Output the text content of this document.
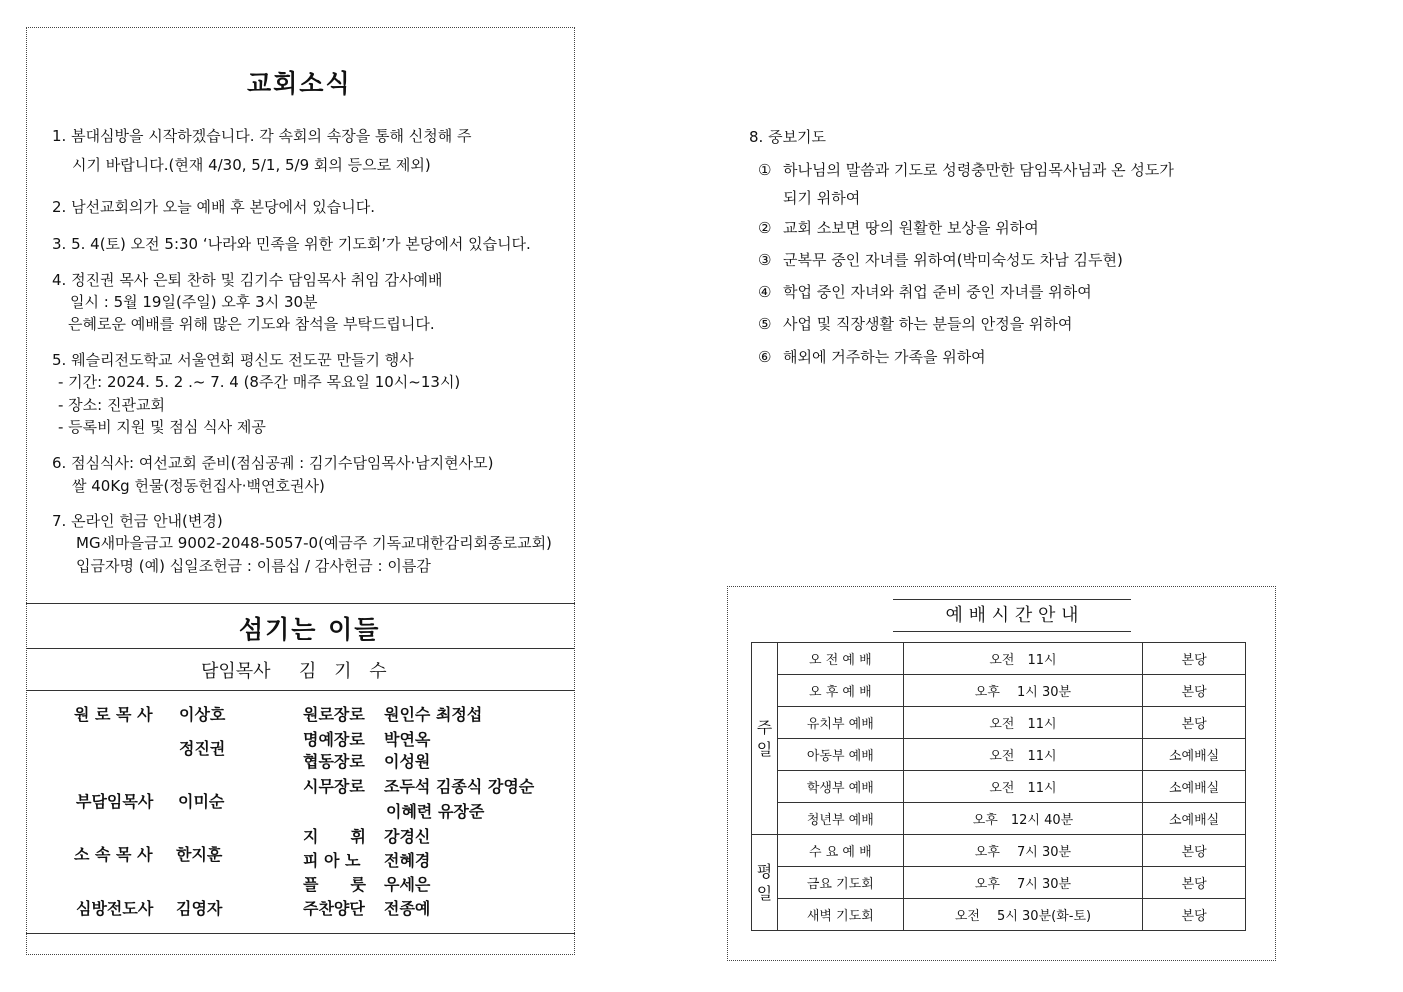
교회소식
1. 봄대심방을 시작하겠습니다. 각 속회의 속장을 통해 신청해 주
시기 바랍니다.(현재 4/30, 5/1, 5/9 회의 등으로 제외)
2. 남선교회의가 오늘 예배 후 본당에서 있습니다.
3. 5. 4(토) 오전 5:30 ‘나라와 민족을 위한 기도회’가 본당에서 있습니다.
4. 정진권 목사 은퇴 찬하 및 김기수 담임목사 취임 감사예배
일시 : 5월 19일(주일) 오후 3시 30분
은혜로운 예배를 위해 많은 기도와 참석을 부탁드립니다.
5. 웨슬리전도학교 서울연회 평신도 전도꾼 만들기 행사
- 기간: 2024. 5. 2 .~ 7. 4 (8주간 매주 목요일 10시~13시)
- 장소: 진관교회
- 등록비 지원 및 점심 식사 제공
6. 점심식사: 여선교회 준비(점심공궤 : 김기수담임목사·남지현사모)
쌀 40Kg 헌물(정동헌집사·백연호권사)
7. 온라인 헌금 안내(변경)
MG새마을금고 9002-2048-5057-0(예금주 기독교대한감리회종로교회)
입금자명 (예) 십일조헌금 : 이름십 / 감사헌금 : 이름감
섬기는 이들
담임목사 김 기 수
원 로 목 사 이상호
정진권
부담임목사 이미순
소 속 목 사 한지훈
심방전도사 김영자
원로장로 원인수 최정섭
명예장로 박연옥
협동장로 이성원
시무장로 조두석 김종식 강영순
이혜련 유장준
지　　휘 강경신
피 아 노 전혜경
플　　룻 우세은
주찬양단 전종예
8. 중보기도
① 하나님의 말씀과 기도로 성령충만한 담임목사님과 온 성도가
되기 위하여
② 교회 소보면 땅의 원활한 보상을 위하여
③ 군복무 중인 자녀를 위하여(박미숙성도 차남 김두현)
④ 학업 중인 자녀와 취업 준비 중인 자녀를 위하여
⑤ 사업 및 직장생활 하는 분들의 안정을 위하여
⑥ 해외에 거주하는 가족을 위하여
예 배 시 간 안 내
주일	오 전 예 배	오전　11시	본당
	오 후 예 배	오후　 1시 30분	본당
	유치부 예배	오전　11시	본당
	아동부 예배	오전　11시	소예배실
	학생부 예배	오전　11시	소예배실
	청년부 예배	오후　12시 40분	소예배실
평일	수 요 예 배	오후　 7시 30분	본당
	금요 기도회	오후　 7시 30분	본당
	새벽 기도회	오전　 5시 30분(화-토)	본당
